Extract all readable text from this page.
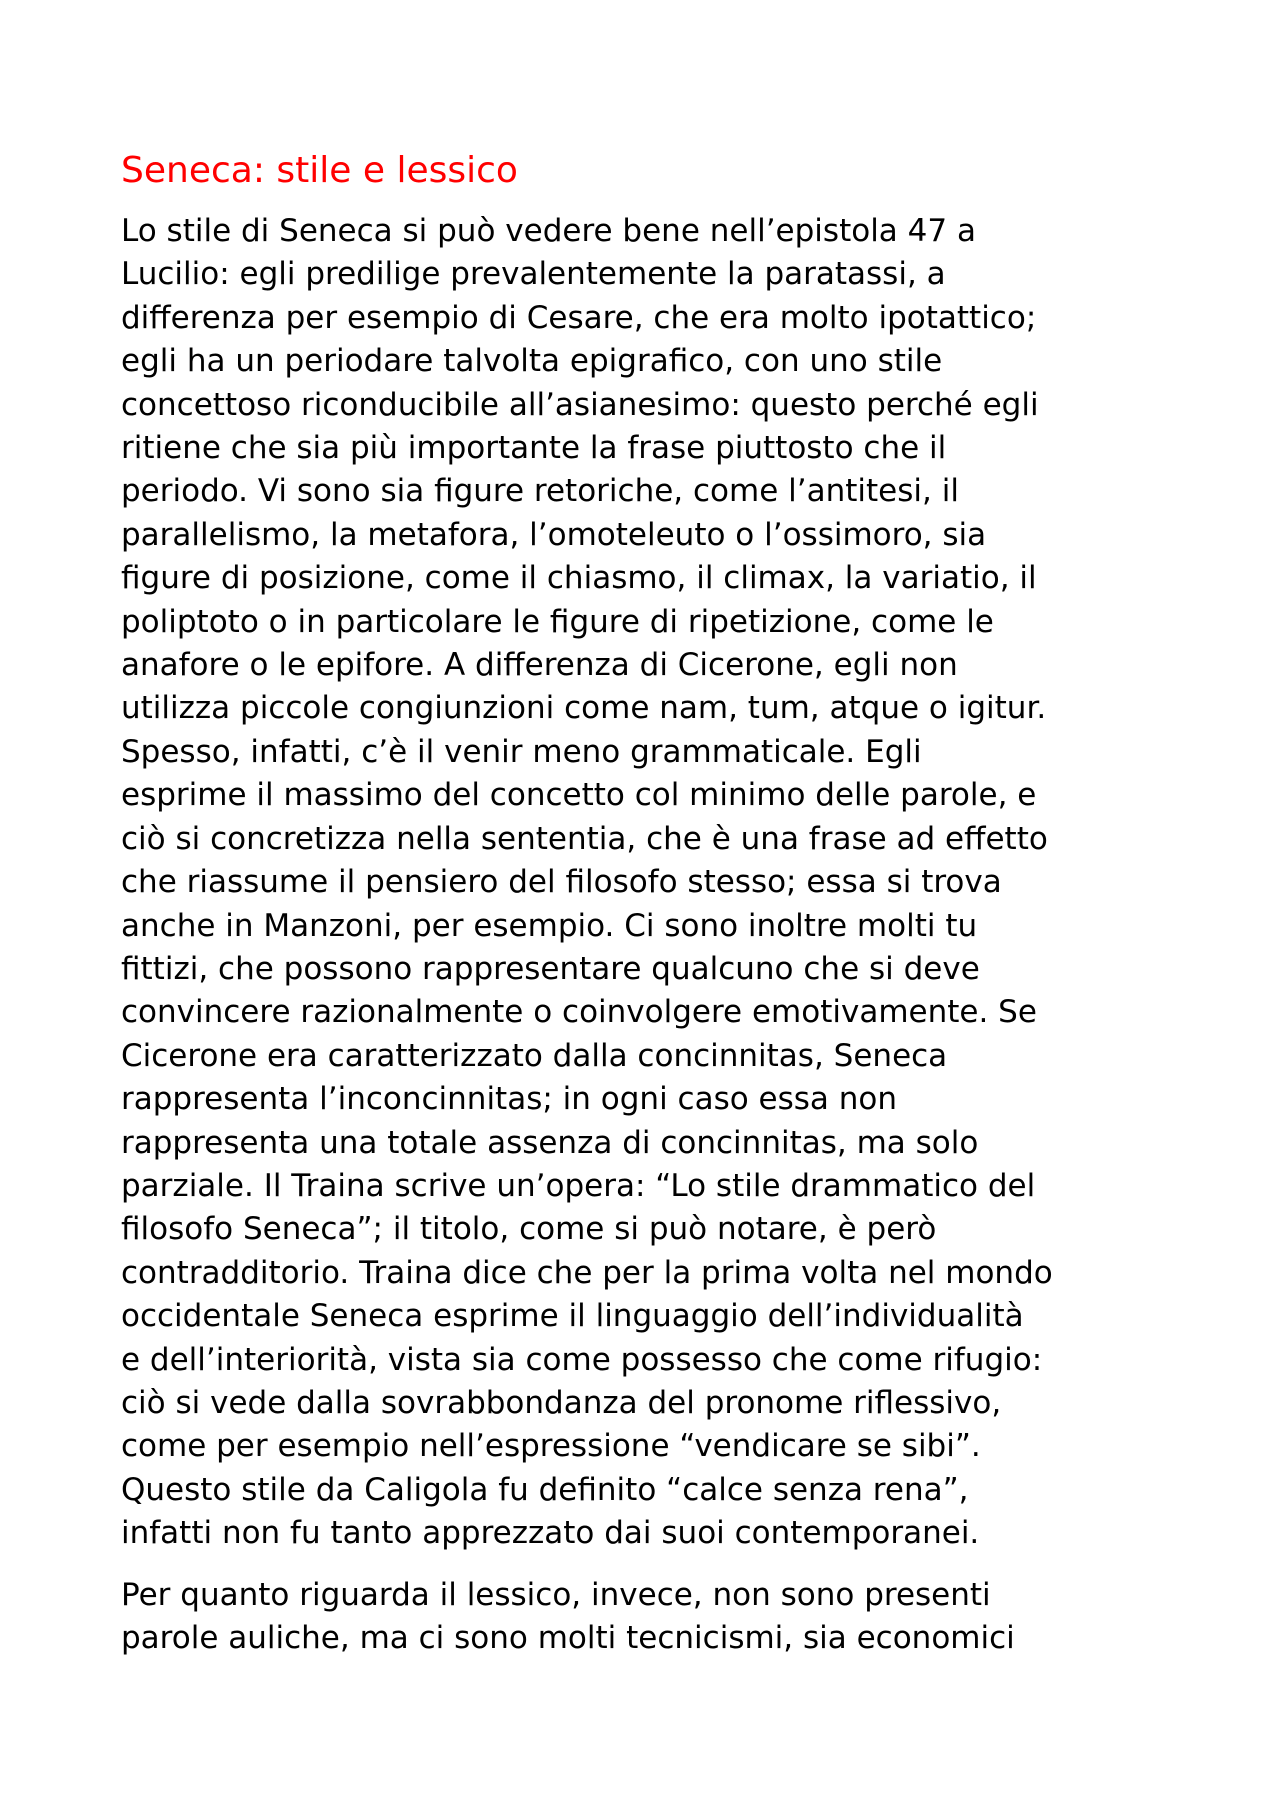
Seneca: stile e lessico

Lo stile di Seneca si può vedere bene nell’epistola 47 a
Lucilio: egli predilige prevalentemente la paratassi, a
differenza per esempio di Cesare, che era molto ipotattico;
egli ha un periodare talvolta epigrafico, con uno stile
concettoso riconducibile all’asianesimo: questo perché egli
ritiene che sia più importante la frase piuttosto che il
periodo. Vi sono sia figure retoriche, come l’antitesi, il
parallelismo, la metafora, l’omoteleuto o l’ossimoro, sia
figure di posizione, come il chiasmo, il climax, la variatio, il
poliptoto o in particolare le figure di ripetizione, come le
anafore o le epifore. A differenza di Cicerone, egli non
utilizza piccole congiunzioni come nam, tum, atque o igitur.
Spesso, infatti, c’è il venir meno grammaticale. Egli
esprime il massimo del concetto col minimo delle parole, e
ciò si concretizza nella sententia, che è una frase ad effetto
che riassume il pensiero del filosofo stesso; essa si trova
anche in Manzoni, per esempio. Ci sono inoltre molti tu
fittizi, che possono rappresentare qualcuno che si deve
convincere razionalmente o coinvolgere emotivamente. Se
Cicerone era caratterizzato dalla concinnitas, Seneca
rappresenta l’inconcinnitas; in ogni caso essa non
rappresenta una totale assenza di concinnitas, ma solo
parziale. Il Traina scrive un’opera: “Lo stile drammatico del
filosofo Seneca”; il titolo, come si può notare, è però
contradditorio. Traina dice che per la prima volta nel mondo
occidentale Seneca esprime il linguaggio dell’individualità
e dell’interiorità, vista sia come possesso che come rifugio:
ciò si vede dalla sovrabbondanza del pronome riflessivo,
come per esempio nell’espressione “vendicare se sibi”.
Questo stile da Caligola fu definito “calce senza rena”,
infatti non fu tanto apprezzato dai suoi contemporanei.

Per quanto riguarda il lessico, invece, non sono presenti
parole auliche, ma ci sono molti tecnicismi, sia economici
